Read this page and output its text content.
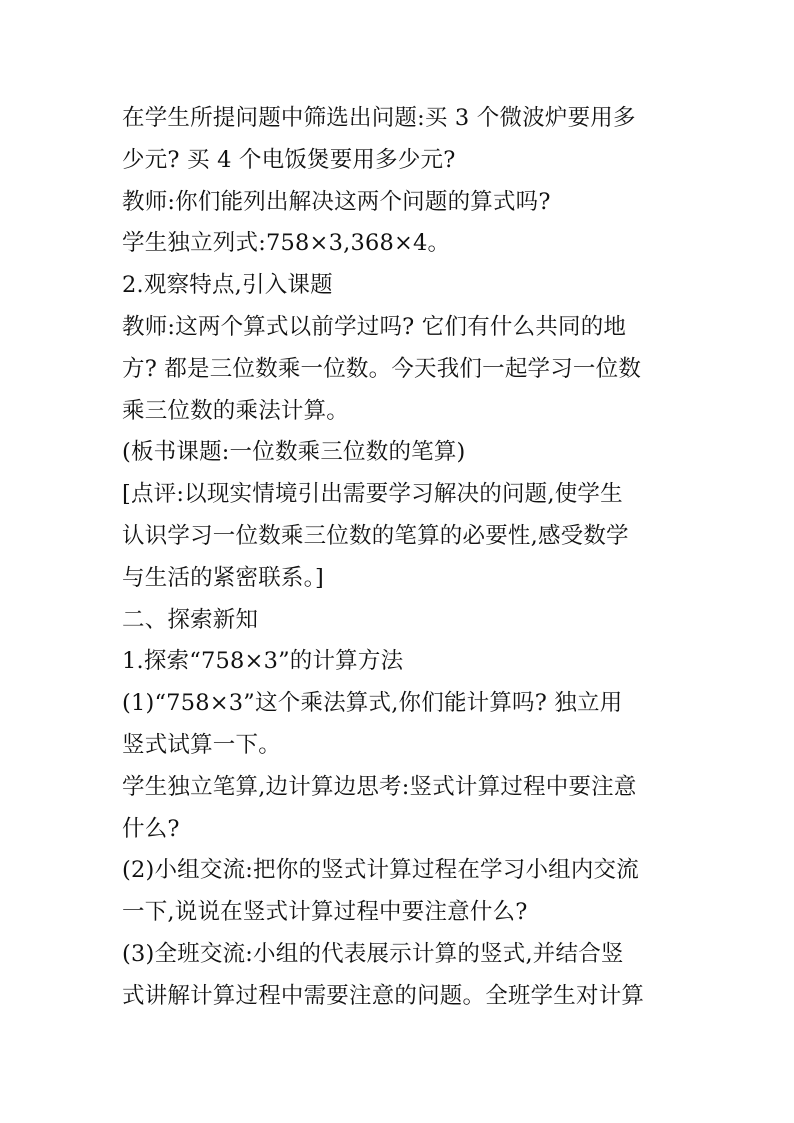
在学生所提问题中筛选出问题:买 3 个微波炉要用多
少元? 买 4 个电饭煲要用多少元?
教师:你们能列出解决这两个问题的算式吗?
学生独立列式:758×3,368×4。
2.观察特点,引入课题
教师:这两个算式以前学过吗? 它们有什么共同的地
方? 都是三位数乘一位数。今天我们一起学习一位数
乘三位数的乘法计算。
(板书课题:一位数乘三位数的笔算)
[点评:以现实情境引出需要学习解决的问题,使学生
认识学习一位数乘三位数的笔算的必要性,感受数学
与生活的紧密联系。]
二、探索新知
1.探索“758×3”的计算方法
(1)“758×3”这个乘法算式,你们能计算吗? 独立用
竖式试算一下。
学生独立笔算,边计算边思考:竖式计算过程中要注意
什么?
(2)小组交流:把你的竖式计算过程在学习小组内交流
一下,说说在竖式计算过程中要注意什么?
(3)全班交流:小组的代表展示计算的竖式,并结合竖
式讲解计算过程中需要注意的问题。全班学生对计算
